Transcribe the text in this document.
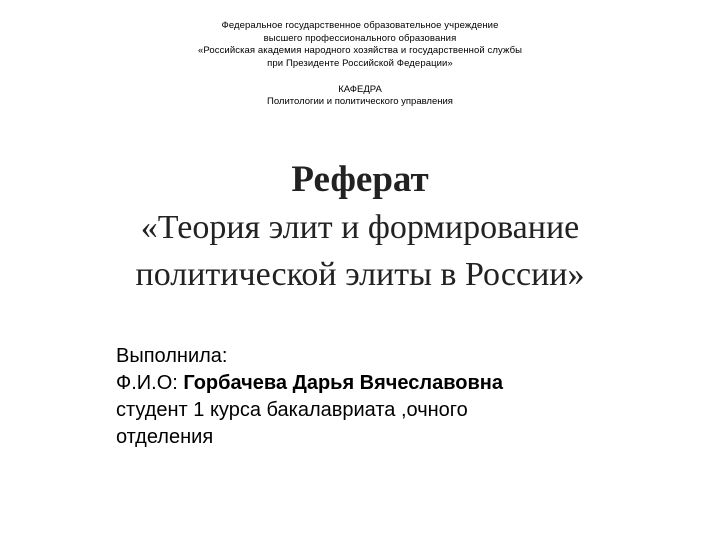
Федеральное государственное образовательное учреждение
высшего профессионального образования
«Российская академия народного хозяйства и государственной службы
при Президенте Российской Федерации»
КАФЕДРА
Политологии и политического управления
Реферат
«Теория элит и формирование
политической элиты в России»
Выполнила:
Ф.И.О: Горбачева Дарья Вячеславовна
студент 1 курса бакалавриата ,очного
отделения
